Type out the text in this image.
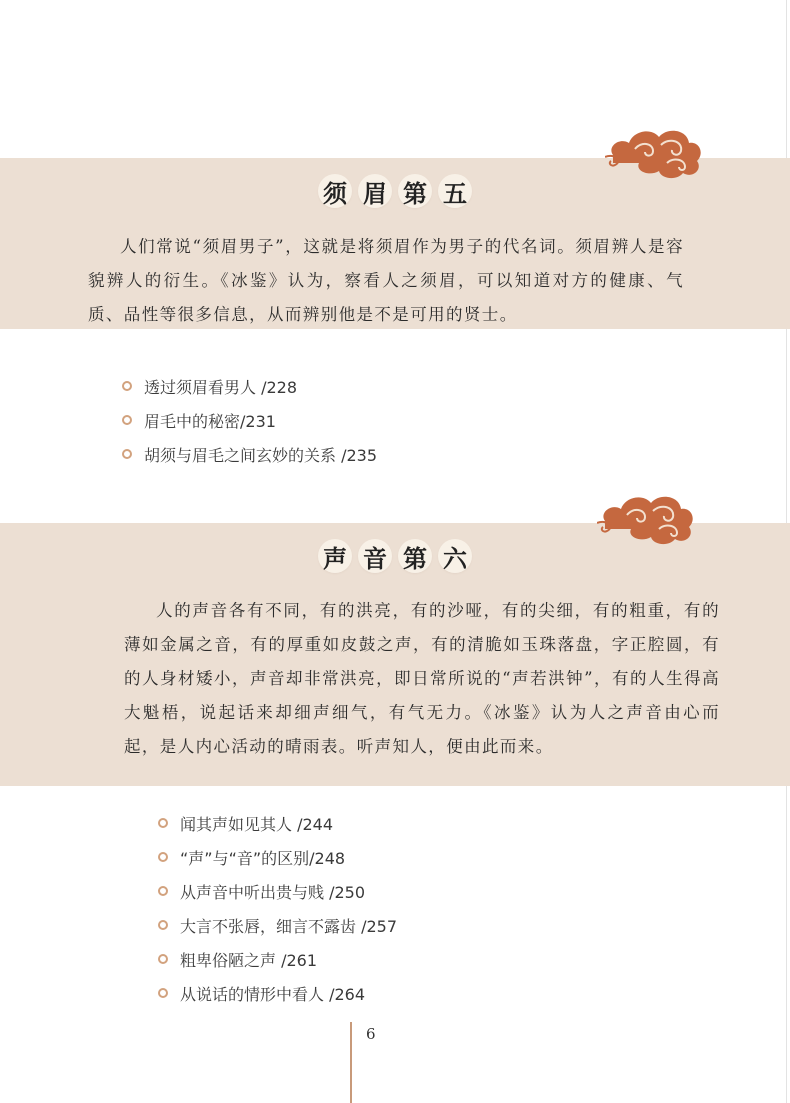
须 眉 第 五

人们常说“须眉男子”，这就是将须眉作为男子的代名词。须眉辨人是容貌辨人的衍生。《冰鉴》认为，察看人之须眉，可以知道对方的健康、气质、品性等很多信息，从而辨别他是不是可用的贤士。

透过须眉看男人 /228
眉毛中的秘密/231
胡须与眉毛之间玄妙的关系 /235
声 音 第 六

人的声音各有不同，有的洪亮，有的沙哑，有的尖细，有的粗重，有的薄如金属之音，有的厚重如皮鼓之声，有的清脆如玉珠落盘，字正腔圆，有的人身材矮小，声音却非常洪亮，即日常所说的“声若洪钟”，有的人生得高大魁梧，说起话来却细声细气，有气无力。《冰鉴》认为人之声音由心而起，是人内心活动的晴雨表。听声知人，便由此而来。

闻其声如见其人 /244
“声”与“音”的区别/248
从声音中听出贵与贱 /250
大言不张唇，细言不露齿 /257
粗卑俗陋之声 /261
从说话的情形中看人 /264
6
